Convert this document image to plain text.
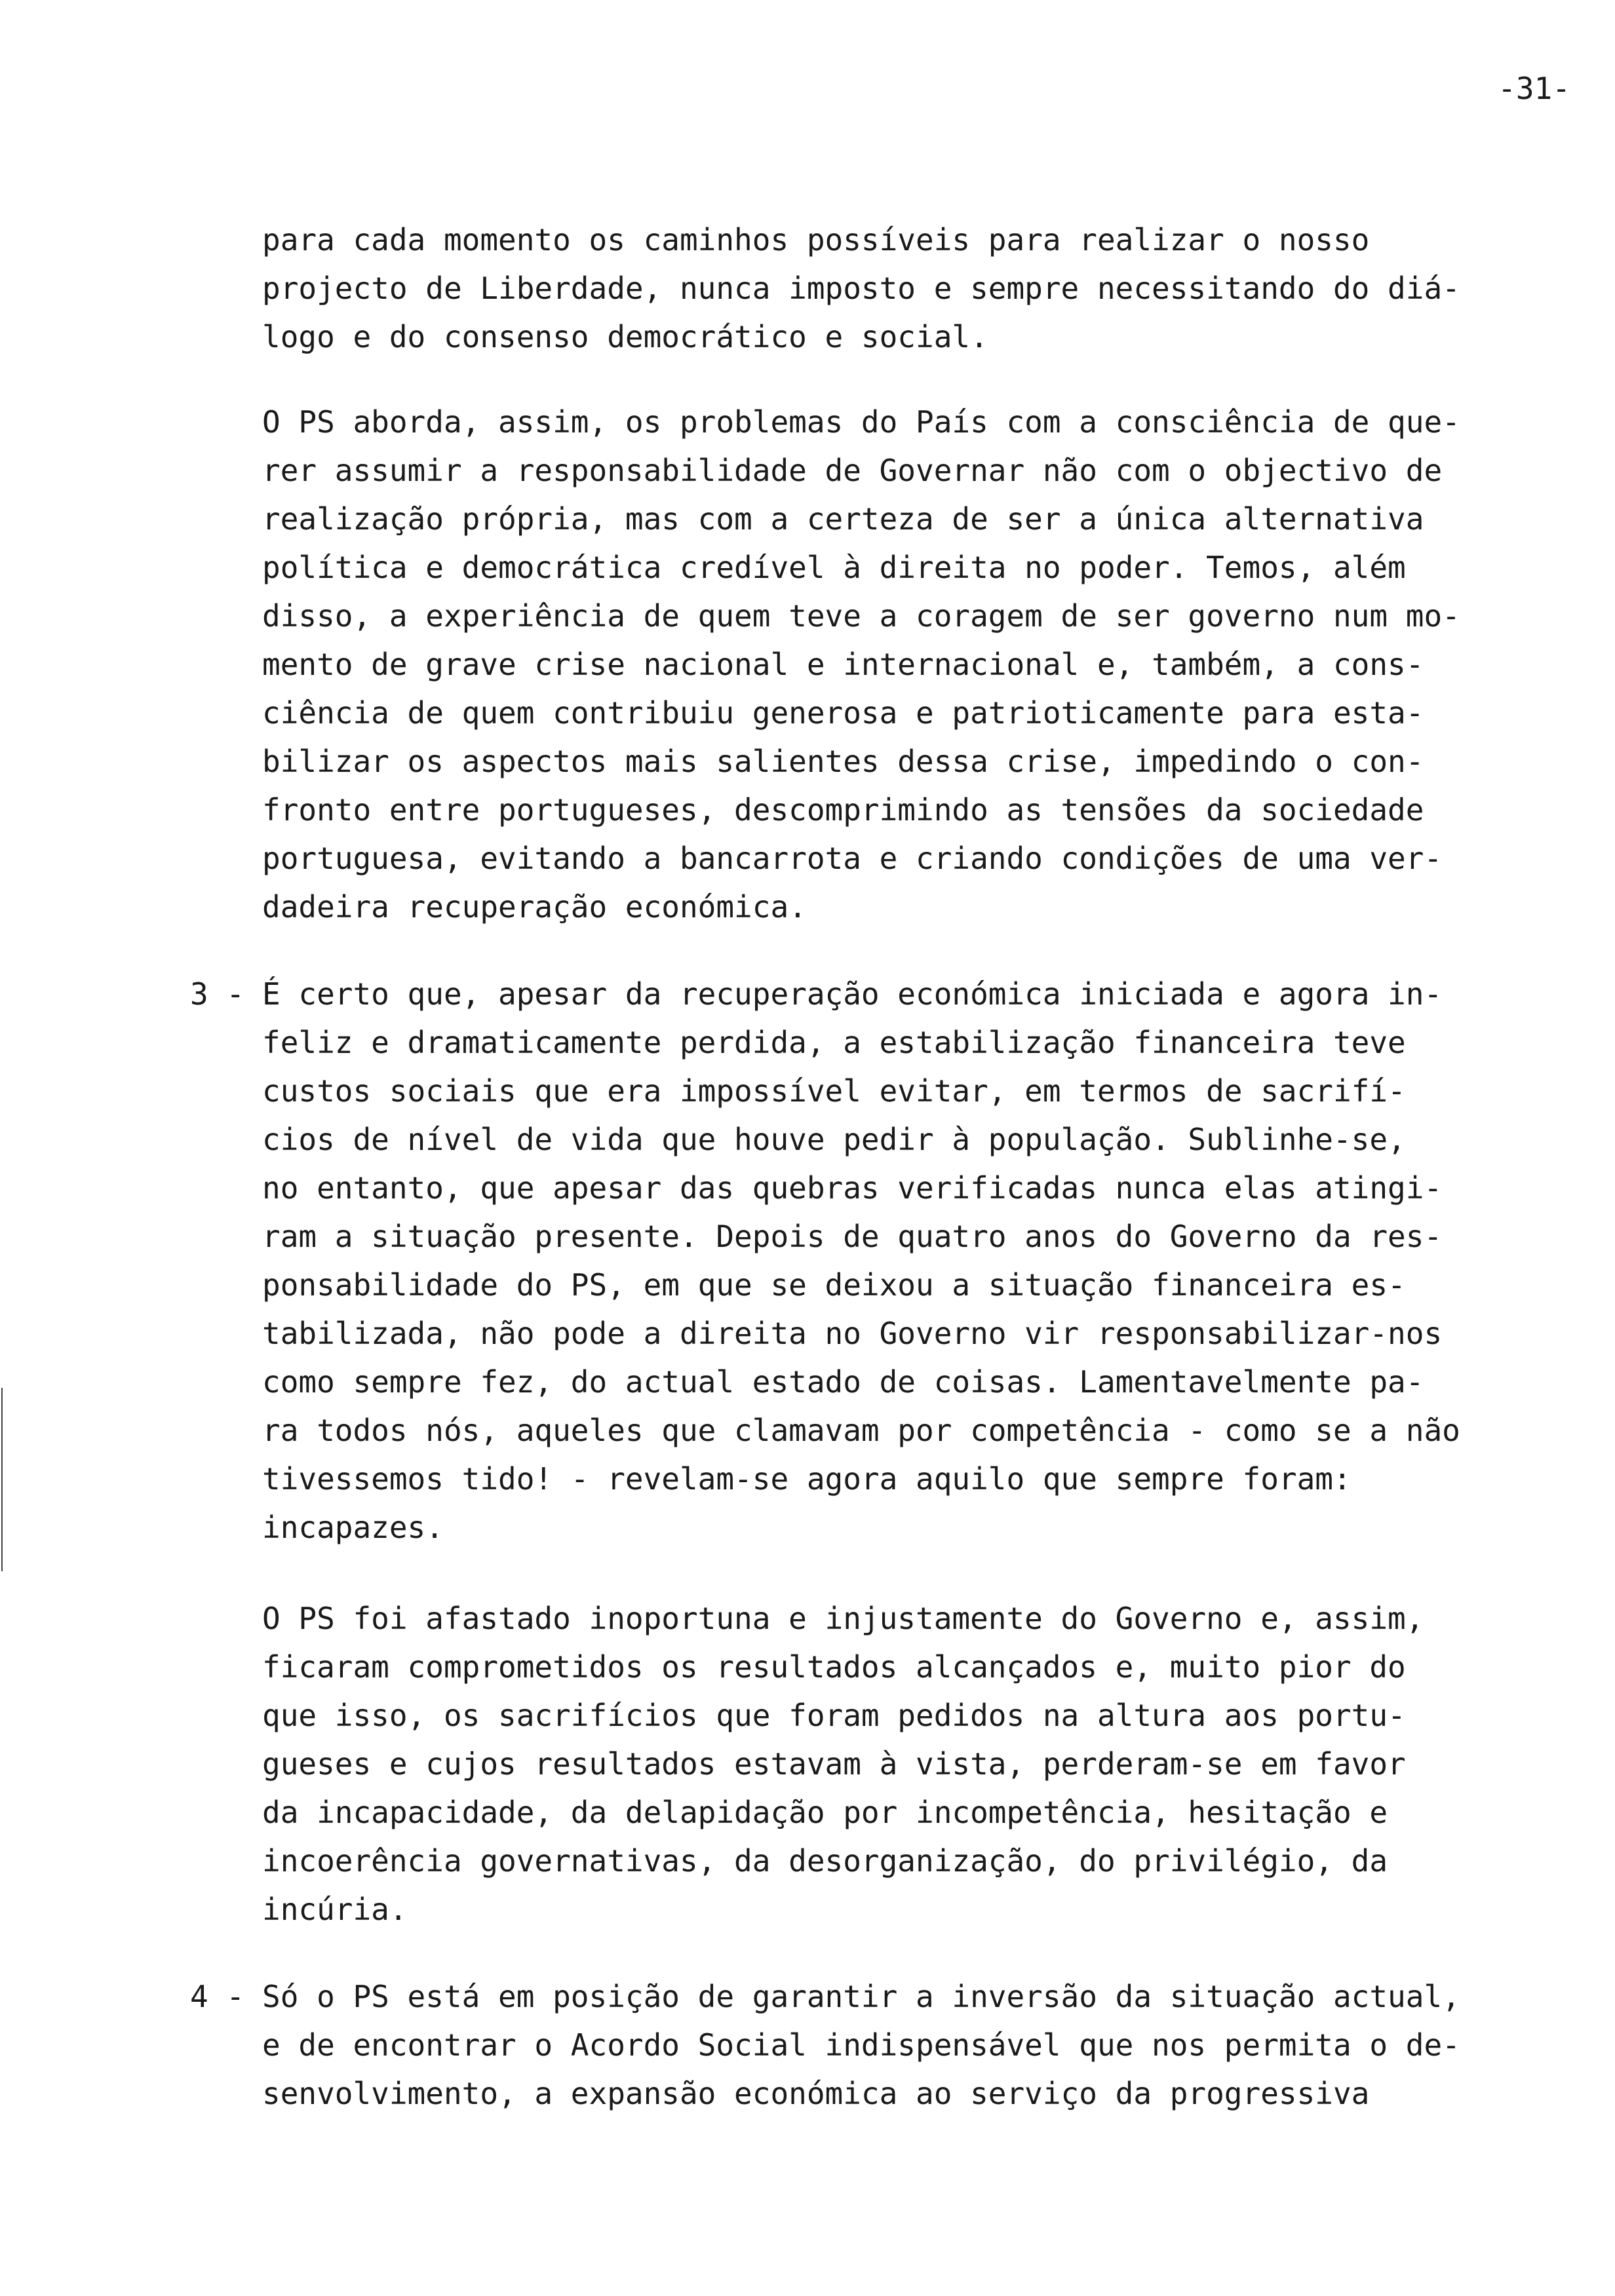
-31-
para cada momento os caminhos possíveis para realizar o nosso
projecto de Liberdade, nunca imposto e sempre necessitando do diá-
logo e do consenso democrático e social.
O PS aborda, assim, os problemas do País com a consciência de que-
rer assumir a responsabilidade de Governar não com o objectivo de
realização própria, mas com a certeza de ser a única alternativa
política e democrática credível à direita no poder. Temos, além
disso, a experiência de quem teve a coragem de ser governo num mo-
mento de grave crise nacional e internacional e, também, a cons-
ciência de quem contribuiu generosa e patrioticamente para esta-
bilizar os aspectos mais salientes dessa crise, impedindo o con-
fronto entre portugueses, descomprimindo as tensões da sociedade
portuguesa, evitando a bancarrota e criando condições de uma ver-
dadeira recuperação económica.
3 - É certo que, apesar da recuperação económica iniciada e agora in-
feliz e dramaticamente perdida, a estabilização financeira teve
custos sociais que era impossível evitar, em termos de sacrifí-
cios de nível de vida que houve pedir à população. Sublinhe-se,
no entanto, que apesar das quebras verificadas nunca elas atingi-
ram a situação presente. Depois de quatro anos do Governo da res-
ponsabilidade do PS, em que se deixou a situação financeira es-
tabilizada, não pode a direita no Governo vir responsabilizar-nos
como sempre fez, do actual estado de coisas. Lamentavelmente pa-
ra todos nós, aqueles que clamavam por competência - como se a não
tivessemos tido! - revelam-se agora aquilo que sempre foram:
incapazes.
O PS foi afastado inoportuna e injustamente do Governo e, assim,
ficaram comprometidos os resultados alcançados e, muito pior do
que isso, os sacrifícios que foram pedidos na altura aos portu-
gueses e cujos resultados estavam à vista, perderam-se em favor
da incapacidade, da delapidação por incompetência, hesitação e
incoerência governativas, da desorganização, do privilégio, da
incúria.
4 - Só o PS está em posição de garantir a inversão da situação actual,
e de encontrar o Acordo Social indispensável que nos permita o de-
senvolvimento, a expansão económica ao serviço da progressiva
